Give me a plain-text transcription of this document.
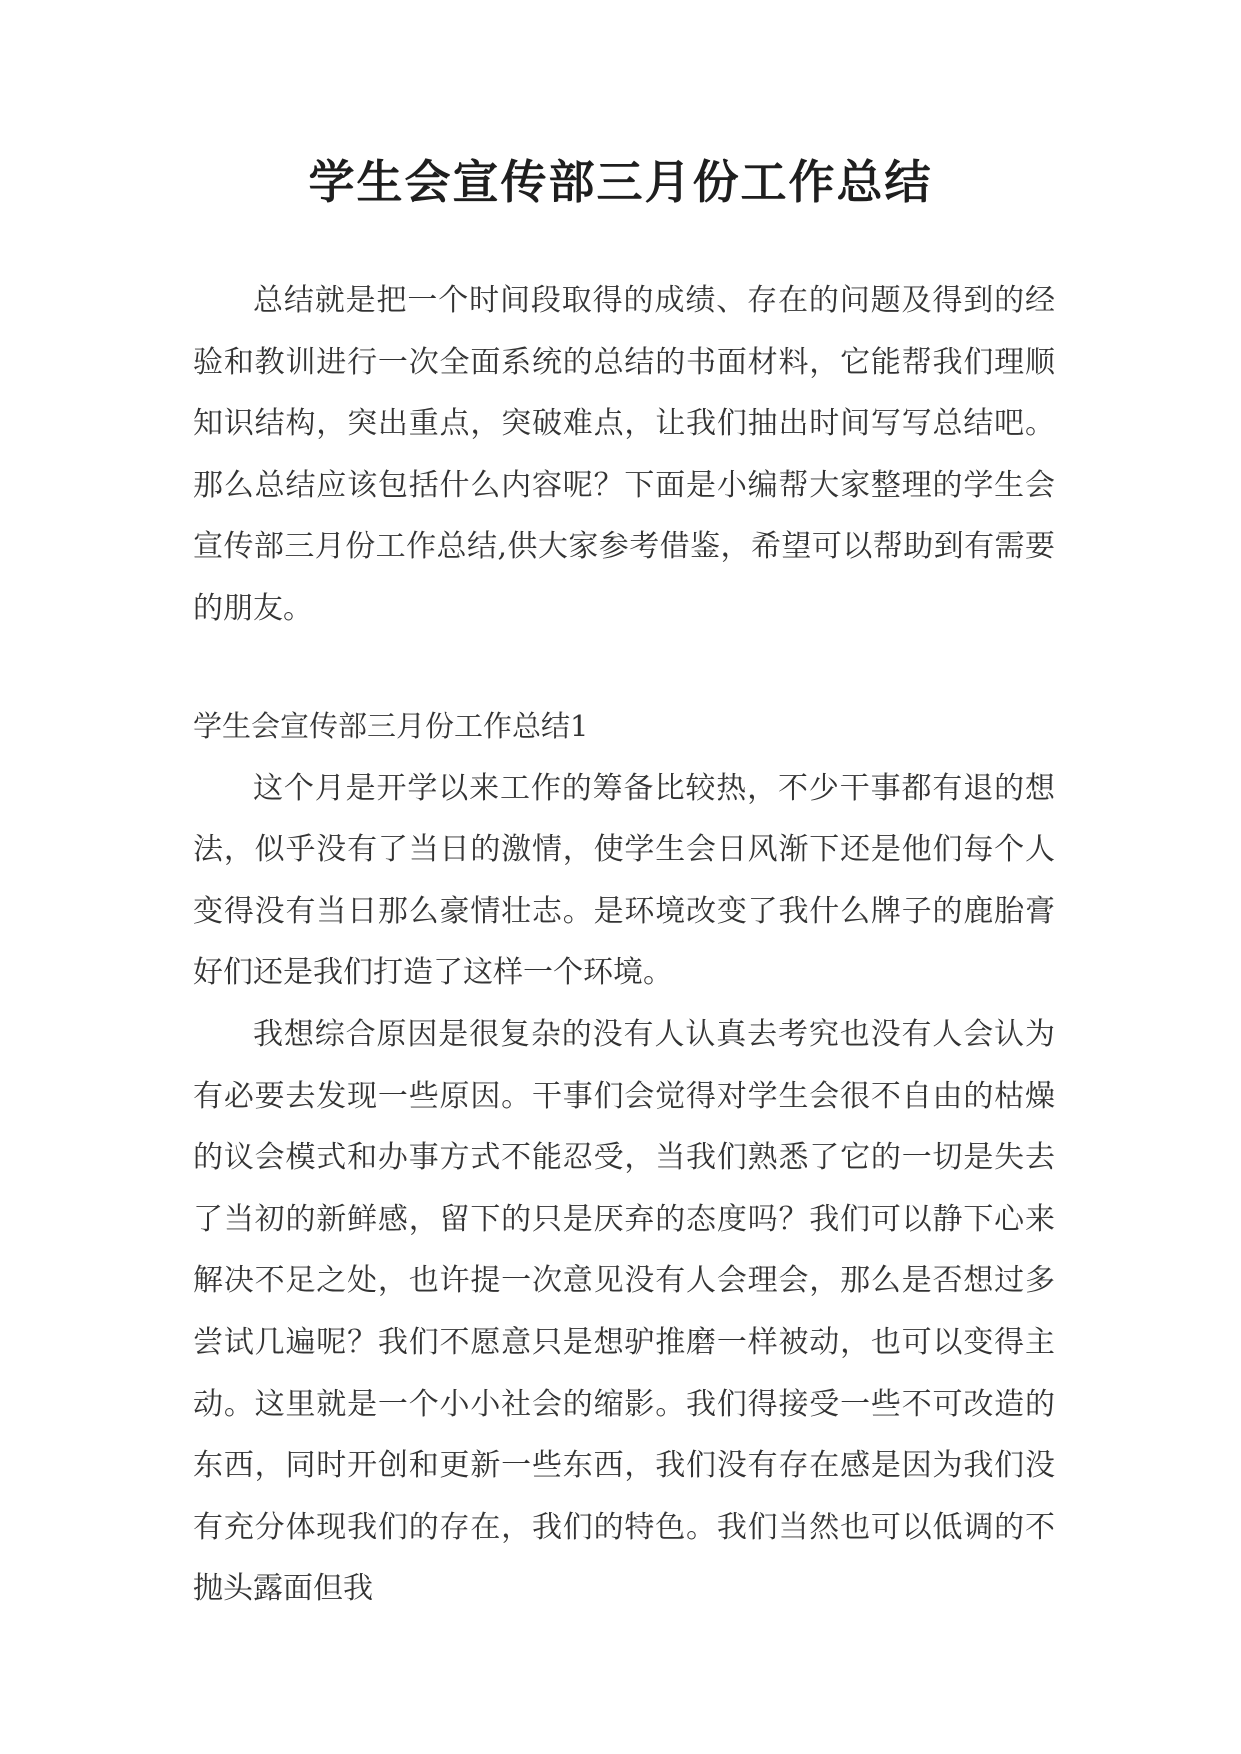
学生会宣传部三月份工作总结

总结就是把一个时间段取得的成绩、存在的问题及得到的经验和教训进行一次全面系统的总结的书面材料，它能帮我们理顺知识结构，突出重点，突破难点，让我们抽出时间写写总结吧。那么总结应该包括什么内容呢？下面是小编帮大家整理的学生会宣传部三月份工作总结,供大家参考借鉴，希望可以帮助到有需要的朋友。

学生会宣传部三月份工作总结1

这个月是开学以来工作的筹备比较热，不少干事都有退的想法，似乎没有了当日的激情，使学生会日风渐下还是他们每个人变得没有当日那么豪情壮志。是环境改变了我什么牌子的鹿胎膏好们还是我们打造了这样一个环境。

我想综合原因是很复杂的没有人认真去考究也没有人会认为有必要去发现一些原因。干事们会觉得对学生会很不自由的枯燥的议会模式和办事方式不能忍受，当我们熟悉了它的一切是失去了当初的新鲜感，留下的只是厌弃的态度吗？我们可以静下心来解决不足之处，也许提一次意见没有人会理会，那么是否想过多尝试几遍呢？我们不愿意只是想驴推磨一样被动，也可以变得主动。这里就是一个小小社会的缩影。我们得接受一些不可改造的东西，同时开创和更新一些东西，我们没有存在感是因为我们没有充分体现我们的存在，我们的特色。我们当然也可以低调的不抛头露面但我
